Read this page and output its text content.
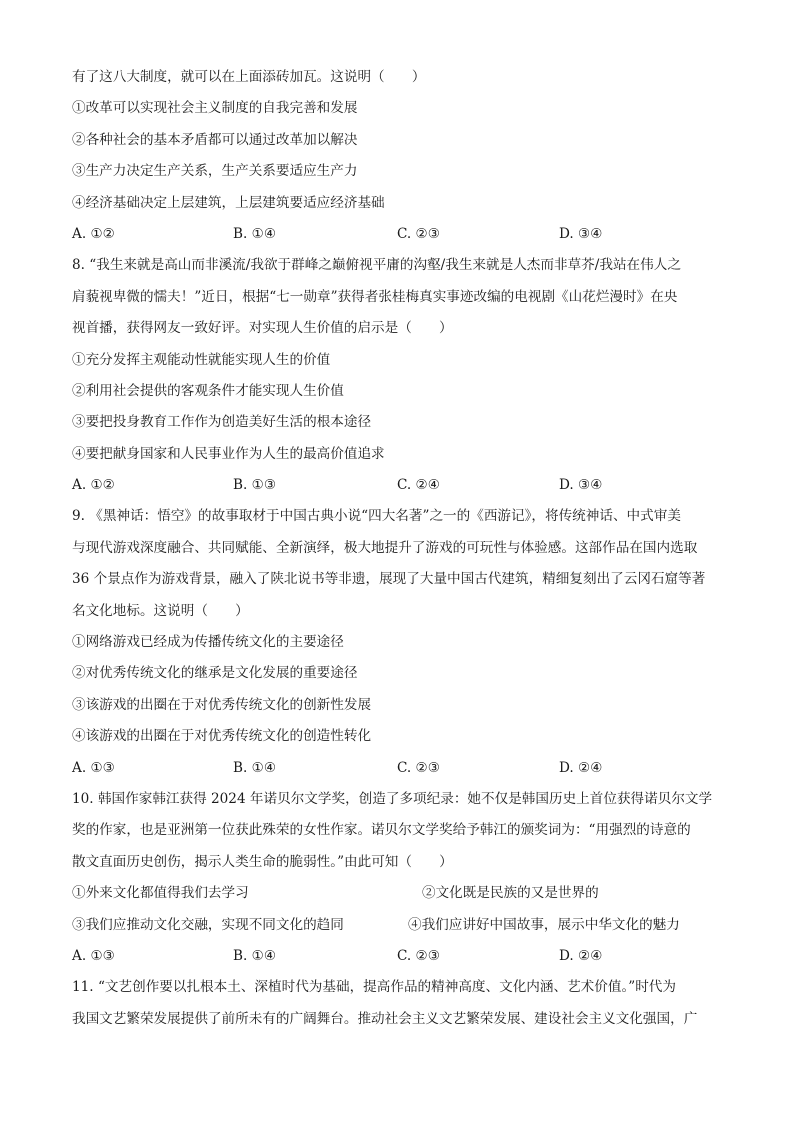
有了这八大制度，就可以在上面添砖加瓦。这说明（　　）
①改革可以实现社会主义制度的自我完善和发展
②各种社会的基本矛盾都可以通过改革加以解决
③生产力决定生产关系，生产关系要适应生产力
④经济基础决定上层建筑，上层建筑要适应经济基础
A. ①②	B. ①④	C. ②③	D. ③④
8. “我生来就是高山而非溪流/我欲于群峰之巅俯视平庸的沟壑/我生来就是人杰而非草芥/我站在伟人之
肩藐视卑微的懦夫！”近日，根据“七一勋章”获得者张桂梅真实事迹改编的电视剧《山花烂漫时》在央
视首播，获得网友一致好评。对实现人生价值的启示是（　　）
①充分发挥主观能动性就能实现人生的价值
②利用社会提供的客观条件才能实现人生价值
③要把投身教育工作作为创造美好生活的根本途径
④要把献身国家和人民事业作为人生的最高价值追求
A. ①②	B. ①③	C. ②④	D. ③④
9. 《黑神话：悟空》的故事取材于中国古典小说“四大名著”之一的《西游记》，将传统神话、中式审美
与现代游戏深度融合、共同赋能、全新演绎，极大地提升了游戏的可玩性与体验感。这部作品在国内选取
36 个景点作为游戏背景，融入了陕北说书等非遗，展现了大量中国古代建筑，精细复刻出了云冈石窟等著
名文化地标。这说明（　　）
①网络游戏已经成为传播传统文化的主要途径
②对优秀传统文化的继承是文化发展的重要途径
③该游戏的出圈在于对优秀传统文化的创新性发展
④该游戏的出圈在于对优秀传统文化的创造性转化
A. ①③	B. ①④	C. ②③	D. ②④
10. 韩国作家韩江获得 2024 年诺贝尔文学奖，创造了多项纪录：她不仅是韩国历史上首位获得诺贝尔文学
奖的作家，也是亚洲第一位获此殊荣的女性作家。诺贝尔文学奖给予韩江的颁奖词为：“用强烈的诗意的
散文直面历史创伤，揭示人类生命的脆弱性。”由此可知（　　）
①外来文化都值得我们去学习	②文化既是民族的又是世界的
③我们应推动文化交融，实现不同文化的趋同	④我们应讲好中国故事，展示中华文化的魅力
A. ①③	B. ①④	C. ②③	D. ②④
11. “文艺创作要以扎根本土、深植时代为基础，提高作品的精神高度、文化内涵、艺术价值。”时代为
我国文艺繁荣发展提供了前所未有的广阔舞台。推动社会主义文艺繁荣发展、建设社会主义文化强国，广
